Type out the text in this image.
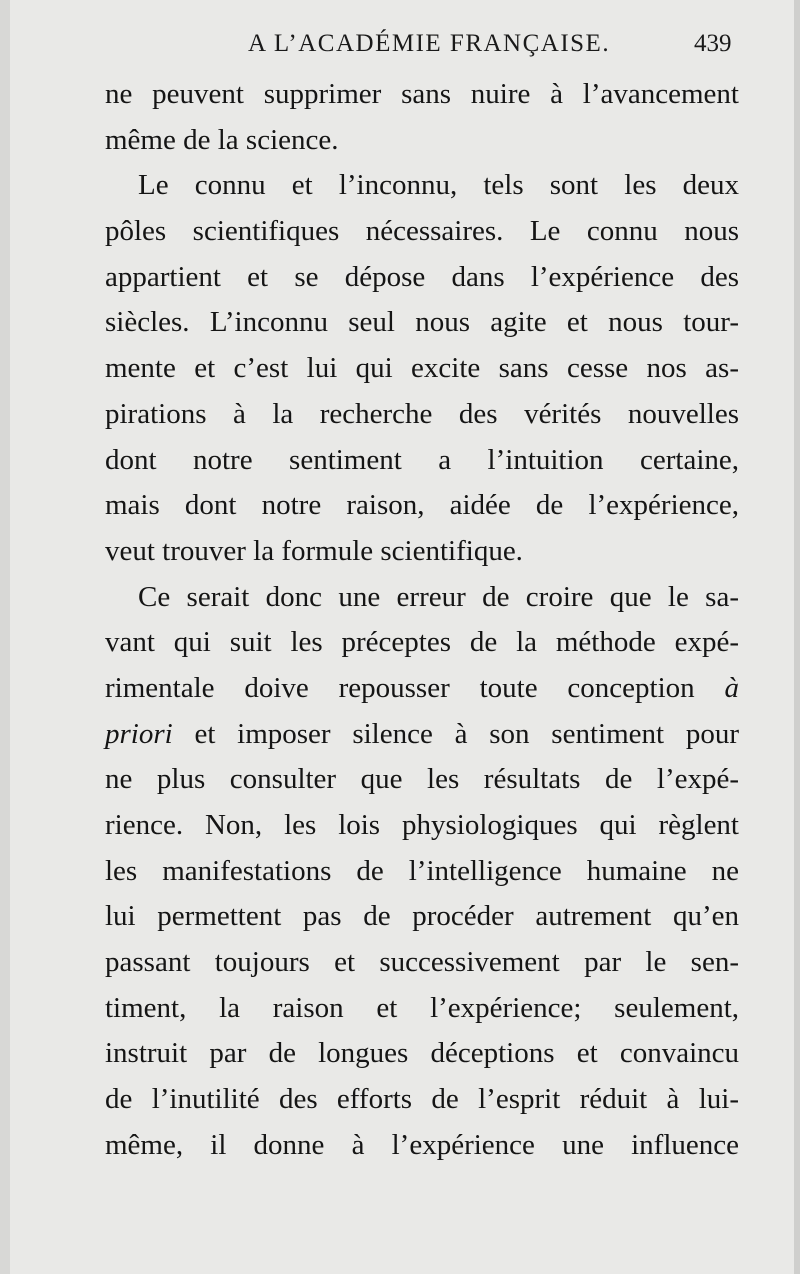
A L’ACADÉMIE FRANÇAISE.	439
ne peuvent supprimer sans nuire à l’avancement
même de la science.
Le connu et l’inconnu, tels sont les deux
pôles scientifiques nécessaires. Le connu nous
appartient et se dépose dans l’expérience des
siècles. L’inconnu seul nous agite et nous tour-
mente et c’est lui qui excite sans cesse nos as-
pirations à la recherche des vérités nouvelles
dont notre sentiment a l’intuition certaine,
mais dont notre raison, aidée de l’expérience,
veut trouver la formule scientifique.
Ce serait donc une erreur de croire que le sa-
vant qui suit les préceptes de la méthode expé-
rimentale doive repousser toute conception à
priori et imposer silence à son sentiment pour
ne plus consulter que les résultats de l’expé-
rience. Non, les lois physiologiques qui règlent
les manifestations de l’intelligence humaine ne
lui permettent pas de procéder autrement qu’en
passant toujours et successivement par le sen-
timent, la raison et l’expérience; seulement,
instruit par de longues déceptions et convaincu
de l’inutilité des efforts de l’esprit réduit à lui-
même, il donne à l’expérience une influence
